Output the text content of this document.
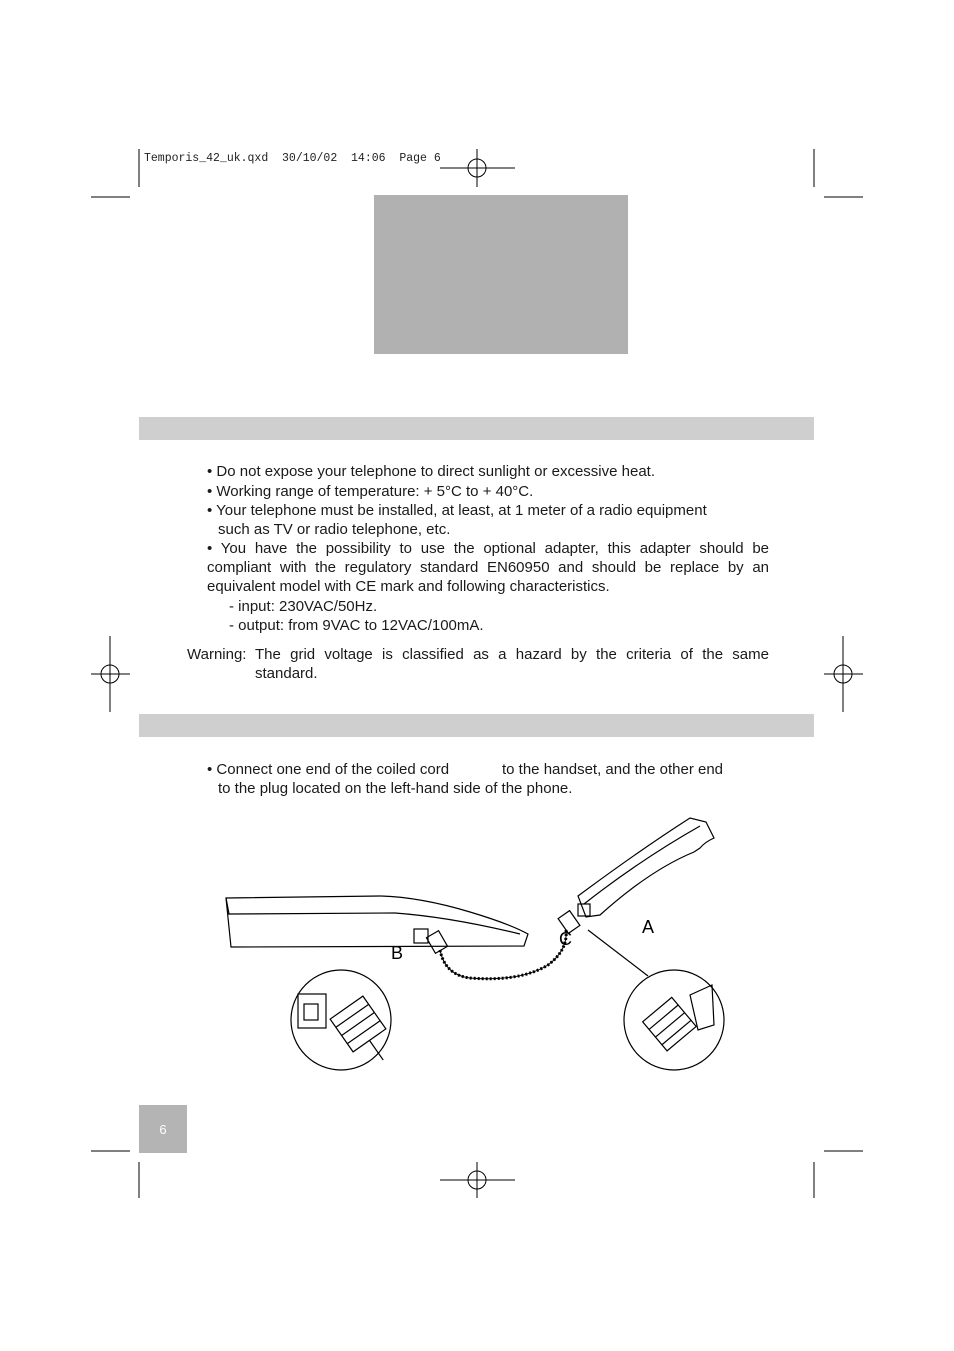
Temporis_42_uk.qxd  30/10/02  14:06  Page 6
• Do not expose your telephone to direct sunlight or excessive heat.
• Working range of temperature: + 5°C to + 40°C.
• Your telephone must be installed, at least, at 1 meter of a radio equipment
such as TV or radio telephone, etc.
• You have the possibility to use the optional adapter, this adapter should be compliant with the regulatory standard EN60950 and should be replace by an equivalent model with CE mark and following characteristics.
- input: 230VAC/50Hz.
- output: from 9VAC to 12VAC/100mA.
Warning: The grid voltage is classified as a hazard by the criteria of the same standard.
• Connect one end of the coiled cord	to the handset, and the other end
to the plug located on the left-hand side of the phone.
A
B
C
6
